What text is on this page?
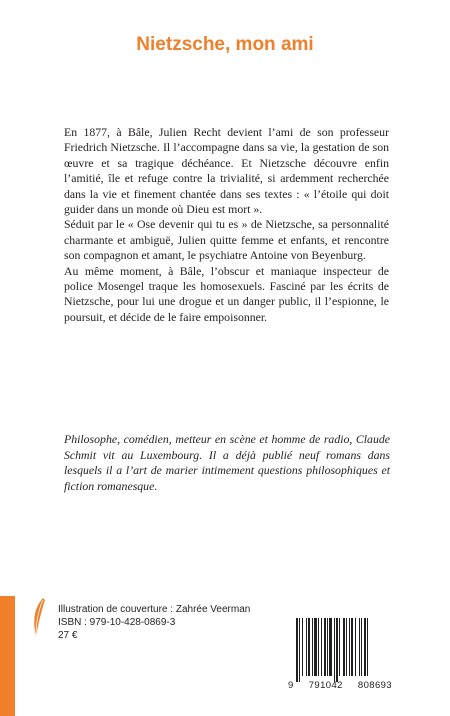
Nietzsche, mon ami

En 1877, à Bâle, Julien Recht devient l’ami de son professeur Friedrich Nietzsche. Il l’accompagne dans sa vie, la gestation de son œuvre et sa tragique déchéance. Et Nietzsche découvre enfin l’amitié, île et refuge contre la trivialité, si ardemment recherchée dans la vie et finement chantée dans ses textes : « l’étoile qui doit guider dans un monde où Dieu est mort ».

Séduit par le « Ose devenir qui tu es » de Nietzsche, sa personnalité charmante et ambiguë, Julien quitte femme et enfants, et rencontre son compagnon et amant, le psychiatre Antoine von Beyenburg.

Au même moment, à Bâle, l’obscur et maniaque inspecteur de police Mosengel traque les homosexuels. Fasciné par les écrits de Nietzsche, pour lui une drogue et un danger public, il l’espionne, le poursuit, et décide de le faire empoisonner.

Philosophe, comédien, metteur en scène et homme de radio, Claude Schmit vit au Luxembourg. Il a déjà publié neuf romans dans lesquels il a l’art de marier intimement questions philosophiques et fiction romanesque.

Illustration de couverture : Zahrée Veerman
ISBN : 979-10-428-0869-3
27 €
9 791042 808693
